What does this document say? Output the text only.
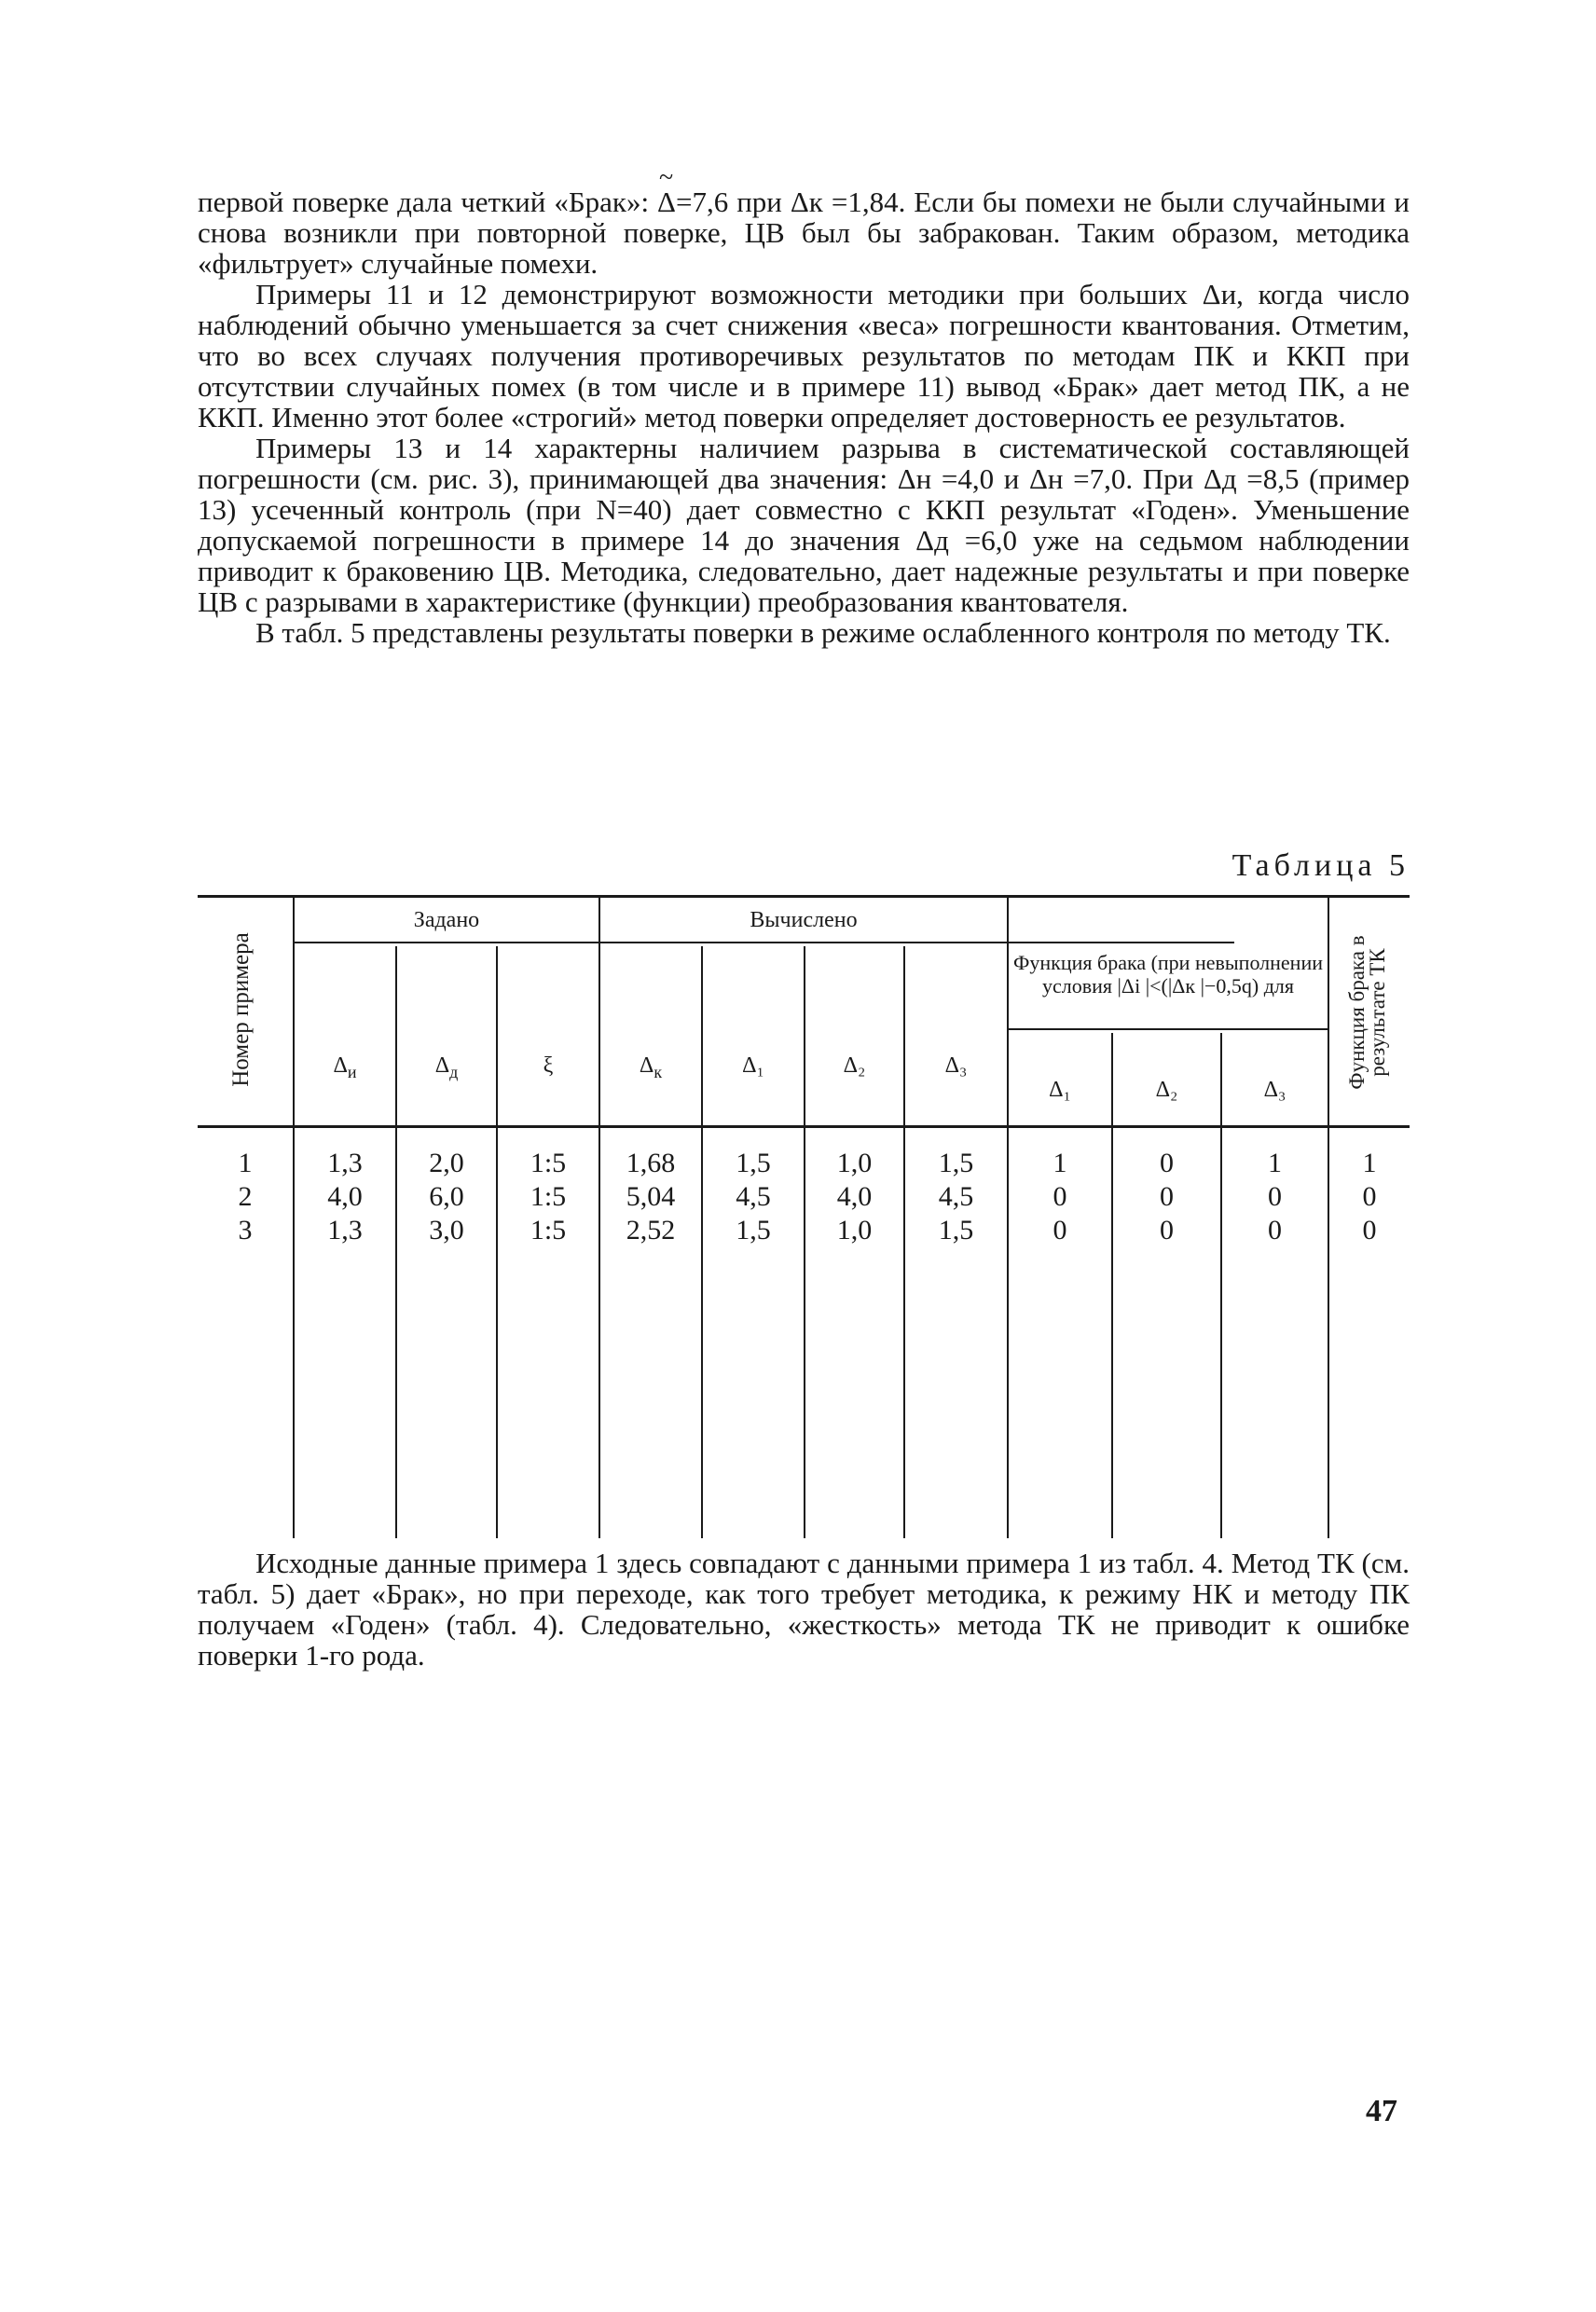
первой поверке дала четкий «Брак»:
~
Δ=7,6 при Δк =1,84. Если бы помехи не были случайными и снова возникли при повторной поверке, ЦВ был бы забракован. Таким образом, методика «фильтрует» случайные помехи.

Примеры 11 и 12 демонстрируют возможности методики при больших Δи, когда число наблюдений обычно уменьшается за счет снижения «веса» погрешности квантования. Отметим, что во всех случаях получения противоречивых результатов по методам ПК и ККП при отсутствии случайных помех (в том числе и в примере 11) вывод «Брак» дает метод ПК, а не ККП. Именно этот более «строгий» метод поверки определяет достоверность ее результатов.

Примеры 13 и 14 характерны наличием разрыва в систематической составляющей погрешности (см. рис. 3), принимающей два значения: Δн =4,0 и Δн =7,0. При Δд =8,5 (пример 13) усеченный контроль (при N=40) дает совместно с ККП результат «Годен». Уменьшение допускаемой погрешности в примере 14 до значения Δд =6,0 уже на седьмом наблюдении приводит к браковению ЦВ. Методика, следовательно, дает надежные результаты и при поверке ЦВ с разрывами в характеристике (функции) преобразования квантователя.

В табл. 5 представлены результаты поверки в режиме ослабленного контроля по методу ТК.

Таблица 5
Номер примера
Задано	Вычислено
Функция брака (при невыполнении условия |Δi |<(|Δк |−0,5q) для	Функция брака в результате ТК
$\Delta_и$	$\Delta_д$	ξ	$\Delta_к$	Δ₁	Δ₂	Δ₃
Δ₁	Δ₂	Δ₃
1	1,3	2,0	1:5	1,68	1,5	1,0	1,5	1	0	1	1
2	4,0	6,0	1:5	5,04	4,5	4,0	4,5	0	0	0	0
3	1,3	3,0	1:5	2,52	1,5	1,0	1,5	0	0	0	0

Исходные данные примера 1 здесь совпадают с данными примера 1 из табл. 4. Метод ТК (см. табл. 5) дает «Брак», но при переходе, как того требует методика, к режиму НК и методу ПК получаем «Годен» (табл. 4). Следовательно, «жесткость» метода ТК не приводит к ошибке поверки 1-го рода.

47
